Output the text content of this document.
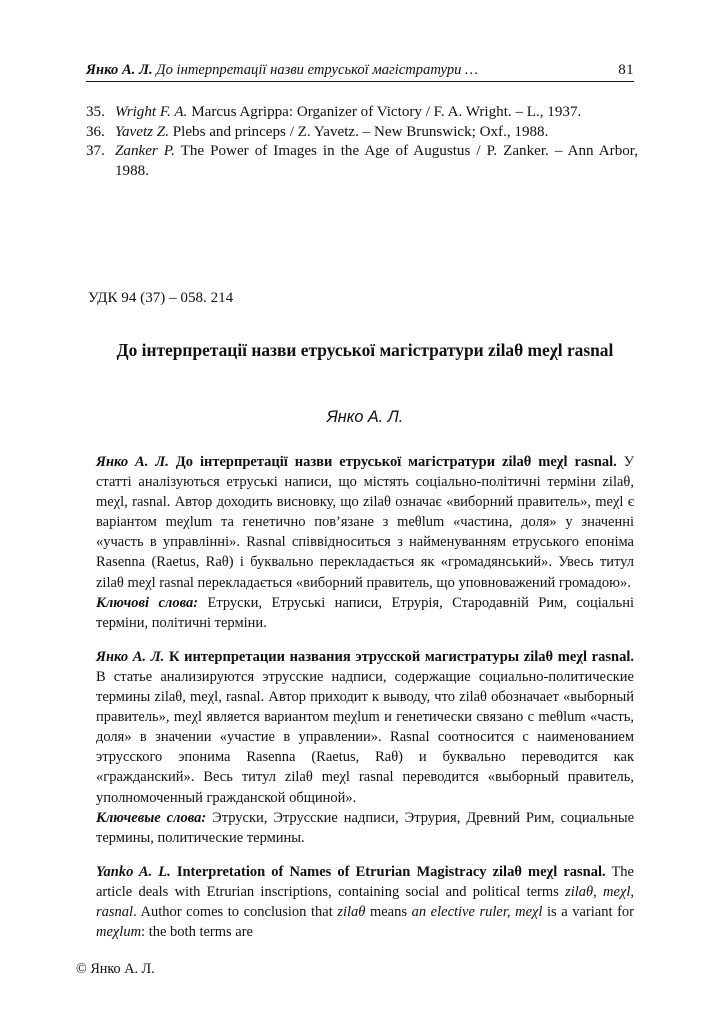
Янко А. Л. До інтерпретації назви етруської магістратури …	81
35. Wright F. A. Marcus Agrippa: Organizer of Victory / F. A. Wright. – L., 1937.
36. Yavetz Z. Plebs and princeps / Z. Yavetz. – New Brunswick; Oxf., 1988.
37. Zanker P. The Power of Images in the Age of Augustus / P. Zanker. – Ann Arbor, 1988.
УДК 94 (37) – 058. 214
До інтерпретації назви етруської магістратури zilaθ meχl rasnal
Янко А. Л.

Янко А. Л. До інтерпретації назви етруської магістратури zilaθ meχl rasnal. У статті аналізуються етруські написи, що містять соціально-політичні терміни zilaθ, meχl, rasnal. Автор доходить висновку, що zilaθ означає «виборний правитель», meχl є варіантом meχlum та генетично пов’язане з meθlum «частина, доля» у значенні «участь в управлінні». Rasnal співвідноситься з найменуванням етруського епоніма Rasenna (Raetus, Raθ) і буквально перекладається як «громадянський». Увесь титул zilaθ meχl rasnal перекладається «виборний правитель, що уповноважений громадою».

Ключові слова: Етруски, Етруські написи, Етрурія, Стародавній Рим, соціальні терміни, політичні терміни.

Янко А. Л. К интерпретации названия этрусской магистратуры zilaθ meχl rasnal. В статье анализируются этрусские надписи, содержащие социально-политические термины zilaθ, meχl, rasnal. Автор приходит к выводу, что zilaθ обозначает «выборный правитель», meχl является вариантом meχlum и генетически связано с meθlum «часть, доля» в значении «участие в управлении». Rasnal соотносится с наименованием этрусского эпонима Rasenna (Raetus, Raθ) и буквально переводится как «гражданский». Весь титул zilaθ meχl rasnal переводится «выборный правитель, уполномоченный гражданской общиной».

Ключевые слова: Этруски, Этрусские надписи, Этрурия, Древний Рим, социальные термины, политические термины.

Yanko A. L. Interpretation of Names of Etrurian Magistracy zilaθ meχl rasnal. The article deals with Etrurian inscriptions, containing social and political terms zilaθ, meχl, rasnal. Author comes to conclusion that zilaθ means an elective ruler, meχl is a variant for meχlum: the both terms are

© Янко А. Л.
